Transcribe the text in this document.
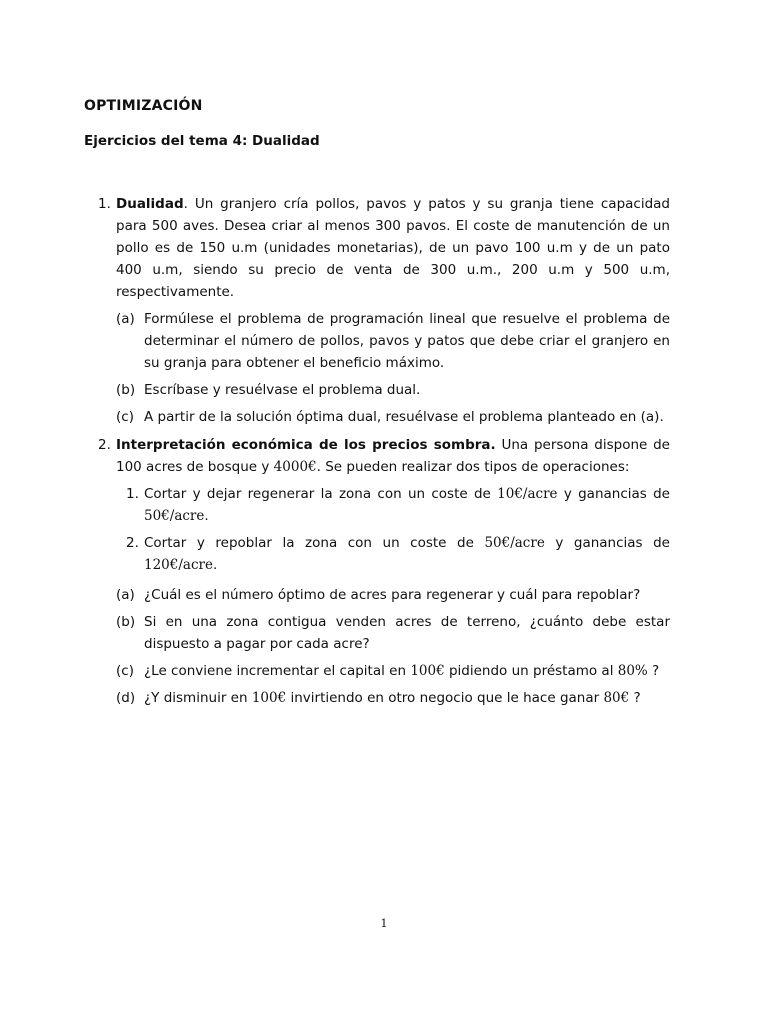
OPTIMIZACIÓN
Ejercicios del tema 4: Dualidad
1. Dualidad. Un granjero cría pollos, pavos y patos y su granja tiene capacidad para 500 aves. Desea criar al menos 300 pavos. El coste de manutención de un pollo es de 150 u.m (unidades monetarias), de un pavo 100 u.m y de un pato 400 u.m, siendo su precio de venta de 300 u.m., 200 u.m y 500 u.m, respectivamente.
(a) Formúlese el problema de programación lineal que resuelve el problema de determinar el número de pollos, pavos y patos que debe criar el granjero en su granja para obtener el beneficio máximo.
(b) Escríbase y resuélvase el problema dual.
(c) A partir de la solución óptima dual, resuélvase el problema planteado en (a).
2. Interpretación económica de los precios sombra. Una persona dispone de 100 acres de bosque y 4000€. Se pueden realizar dos tipos de operaciones:
1. Cortar y dejar regenerar la zona con un coste de 10€/acre y ganancias de 50€/acre.
2. Cortar y repoblar la zona con un coste de 50€/acre y ganancias de 120€/acre.
(a) ¿Cuál es el número óptimo de acres para regenerar y cuál para repoblar?
(b) Si en una zona contigua venden acres de terreno, ¿cuánto debe estar dispuesto a pagar por cada acre?
(c) ¿Le conviene incrementar el capital en 100€ pidiendo un préstamo al 80% ?
(d) ¿Y disminuir en 100€ invirtiendo en otro negocio que le hace ganar 80€ ?
1
